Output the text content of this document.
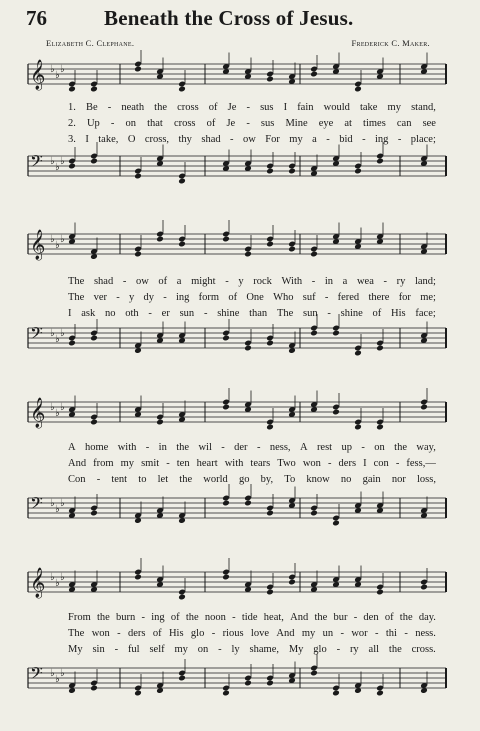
76	Beneath the Cross of Jesus.
Elizabeth C. Clephane.	Frederick C. Maker.
𝄞 ♭
♭
♭
1. Be - neath the cross of Je - sus I fain would take my stand,
2. Up - on that cross of Je - sus Mine eye at times can see
3. I take, O cross, thy shad - ow For my a - bid - ing - place;
𝄢 ♭
♭
♭
𝄞 ♭
♭
♭
The shad - ow of a might - y rock With - in a wea - ry land;
The ver - y dy - ing form of One Who suf - fered there for me;
I ask no oth - er sun - shine than The sun - shine of His face;
𝄢 ♭
♭
♭
𝄞 ♭
♭
♭
A home with - in the wil - der - ness, A rest up - on the way,
And from my smit - ten heart with tears Two won - ders I con - fess,—
Con - tent to let the world go by, To know no gain nor loss,
𝄢 ♭
♭
♭
𝄞 ♭
♭
♭
From the burn - ing of the noon - tide heat, And the bur - den of the day.
The won - ders of His glo - rious love And my un - wor - thi - ness.
My sin - ful self my on - ly shame, My glo - ry all the cross.
𝄢 ♭
♭
♭
